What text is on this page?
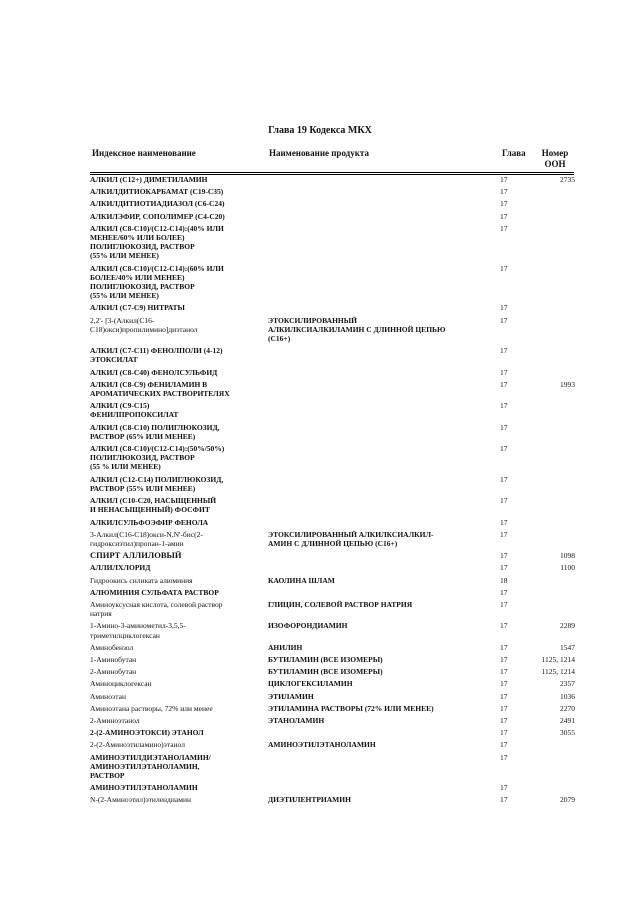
Глава 19 Кодекса МКХ
Индексное наименование	Наименование продукта	Глава	Номер
ООН
АЛКИЛ (С12+) ДИМЕТИЛАМИН		17	2735
АЛКИЛДИТИОКАРБАМАТ (С19-С35)		17	
АЛКИЛДИТИОТИАДИАЗОЛ (С6-С24)		17	
АЛКИЛЭФИР, СОПОЛИМЕР (С4-С20)		17	
АЛКИЛ (С8-С10)/(С12-С14):(40% ИЛИ
МЕНЕЕ/60% ИЛИ БОЛЕЕ)
ПОЛИГЛЮКОЗИД, РАСТВОР
(55% ИЛИ МЕНЕЕ)		17	
АЛКИЛ (С8-С10)/(С12-С14):(60% ИЛИ
БОЛЕЕ/40% ИЛИ МЕНЕЕ)
ПОЛИГЛЮКОЗИД, РАСТВОР
(55% ИЛИ МЕНЕЕ)		17	
АЛКИЛ (С7-С9) НИТРАТЫ		17	
2,2'- [3-(Алкил(С16-
С18)окси)пропилимино]диэтанол	ЭТОКСИЛИРОВАННЫЙ
АЛКИЛКСИАЛКИЛАМИН С ДЛИННОЙ ЦЕПЬЮ
(С16+)	17	
АЛКИЛ (С7-С11) ФЕНОЛПОЛИ (4-12)
ЭТОКСИЛАТ		17	
АЛКИЛ (С8-С40) ФЕНОЛСУЛЬФИД		17	
АЛКИЛ (С8-С9) ФЕНИЛАМИН В
АРОМАТИЧЕСКИХ РАСТВОРИТЕЛЯХ		17	1993
АЛКИЛ (С9-С15)
ФЕНИЛПРОПОКСИЛАТ		17	
АЛКИЛ (С8-С10) ПОЛИГЛЮКОЗИД,
РАСТВОР (65% ИЛИ МЕНЕЕ)		17	
АЛКИЛ (С8-С10)/(С12-С14):(50%/50%)
ПОЛИГЛЮКОЗИД, РАСТВОР
(55 % ИЛИ МЕНЕЕ)		17	
АЛКИЛ (С12-С14) ПОЛИГЛЮКОЗИД,
РАСТВОР (55% ИЛИ МЕНЕЕ)		17	
АЛКИЛ (С10-С20, НАСЫЩЕННЫЙ
И НЕНАСЫЩЕННЫЙ) ФОСФИТ		17	
АЛКИЛСУЛЬФОЭФИР ФЕНОЛА		17	
3-Алкил(С16-С18)окси-N,N'-бис(2-
гидроксиэтил)пропан-1-амин	ЭТОКСИЛИРОВАННЫЙ АЛКИЛКСИАЛКИЛ-
АМИН С ДЛИННОЙ ЦЕПЬЮ (С16+)	17	
СПИРТ АЛЛИЛОВЫЙ		17	1098
АЛЛИЛХЛОРИД		17	1100
Гидроокись силиката алюминия	КАОЛИНА ШЛАМ	18	
АЛЮМИНИЯ СУЛЬФАТА РАСТВОР		17	
Аминоуксусная кислота, солевой раствор
натрия	ГЛИЦИН, СОЛЕВОЙ РАСТВОР НАТРИЯ	17	
1-Амино-3-аминометил-3,5,5-
триметилциклогексан	ИЗОФОРОНДИАМИН	17	2289
Аминобензол	АНИЛИН	17	1547
1-Аминобутан	БУТИЛАМИН (ВСЕ ИЗОМЕРЫ)	17	1125, 1214
2-Аминобутан	БУТИЛАМИН (ВСЕ ИЗОМЕРЫ)	17	1125, 1214
Аминоциклогексан	ЦИКЛОГЕКСИЛАМИН	17	2357
Аминоэтан	ЭТИЛАМИН	17	1036
Аминоэтана растворы, 72% или менее	ЭТИЛАМИНА РАСТВОРЫ (72% ИЛИ МЕНЕЕ)	17	2270
2-Аминоэтанол	ЭТАНОЛАМИН	17	2491
2-(2-АМИНОЭТОКСИ) ЭТАНОЛ		17	3055
2-(2-Аминоэтиламино)этанол	АМИНОЭТИЛЭТАНОЛАМИН	17	
АМИНОЭТИЛДИЭТАНОЛАМИН/
АМИНОЭТИЛЭТАНОЛАМИН,
РАСТВОР		17	
АМИНОЭТИЛЭТАНОЛАМИН		17	
N-(2-Аминоэтил)этилендиамин	ДИЭТИЛЕНТРИАМИН	17	2079
